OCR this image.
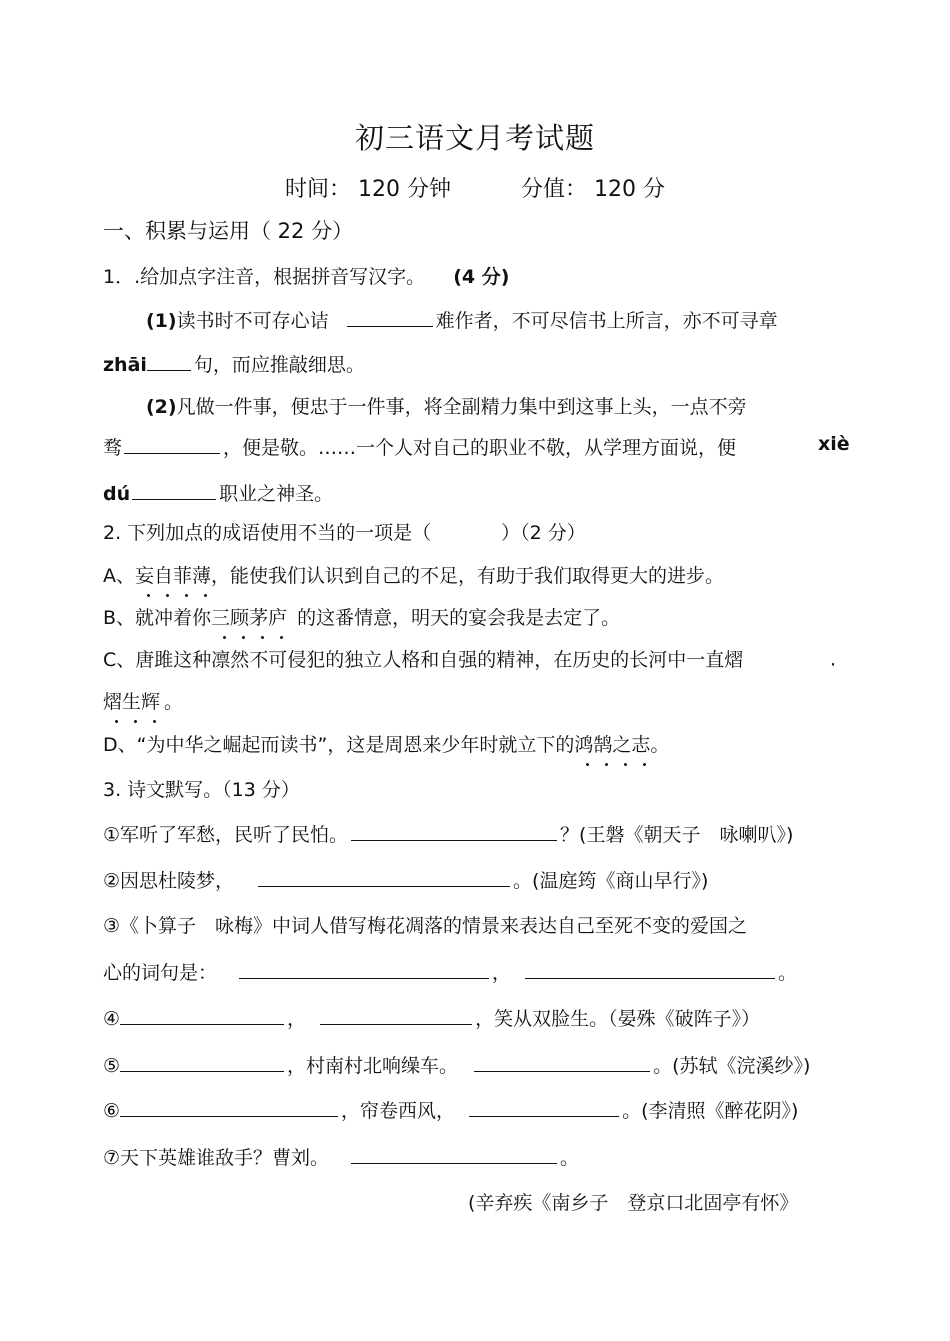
初三语文月考试题
时间： 120 分钟	分值： 120 分
一、积累与运用（ 22 分）
1．.给加点字注音，根据拼音写汉字。 (4 分)
(1)读书时不可存心诘	难作者，不可尽信书上所言，亦不可寻章
zhāi 句，而应推敲细思。
(2)凡做一件事，便忠于一件事，将全副精力集中到这事上头，一点不旁
骛	，便是敬。……一个人对自己的职业不敬，从学理方面说，便	xiè
dú	职业之神圣。
2. 下列加点的成语使用不当的一项是（	）（2 分）
A、妄自菲薄，能使我们认识到自己的不足，有助于我们取得更大的进步。
B、就冲着你三顾茅庐 的这番情意，明天的宴会我是去定了。
C、唐雎这种凛然不可侵犯的独立人格和自强的精神，在历史的长河中一直熠	·
熠生辉 。
D、“为中华之崛起而读书”，这是周恩来少年时就立下的鸿鹄之志。
3. 诗文默写。（13 分）
①军听了军愁，民听了民怕。	？(王磐《朝天子　咏喇叭》)
②因思杜陵梦，	。(温庭筠《商山早行》)
③《卜算子　咏梅》中词人借写梅花凋落的情景来表达自己至死不变的爱国之
心的词句是：	，	。
④	，	，笑从双脸生。（晏殊《破阵子》）
⑤	，村南村北响缲车。	。(苏轼《浣溪纱》)
⑥	，帘卷西风，	。(李清照《醉花阴》)
⑦天下英雄谁敌手？曹刘。	。
(辛弃疾《南乡子　登京口北固亭有怀》
